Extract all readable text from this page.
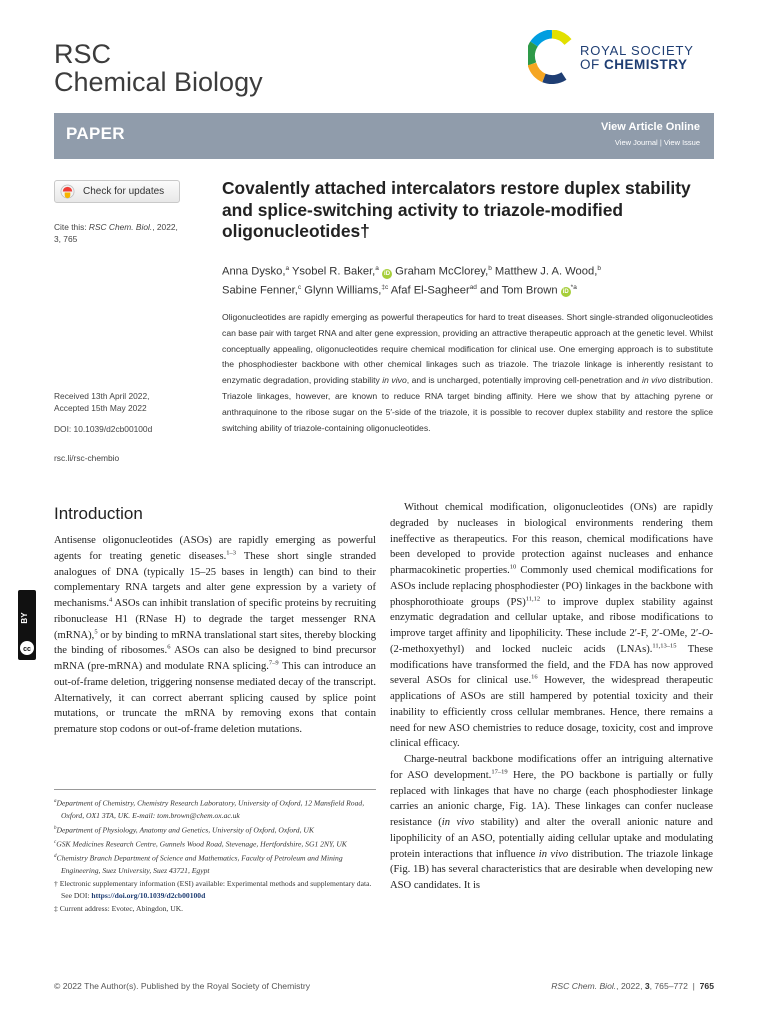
RSC
Chemical Biology
ROYAL SOCIETY
OF CHEMISTRY
PAPER	View Article Online
View Journal | View Issue
Check for updates
Cite this: RSC Chem. Biol., 2022,
3, 765
Received 13th April 2022,
Accepted 15th May 2022
DOI: 10.1039/d2cb00100d
rsc.li/rsc-chembio
Covalently attached intercalators restore duplex stability and splice-switching activity to triazole-modified oligonucleotides†
Anna Dysko,$^a$ Ysobel R. Baker,$^a$ iD Graham McClorey,$^b$ Matthew J. A. Wood,$^b$
Sabine Fenner,$^c$ Glynn Williams,$^{\ddagger c}$ Afaf El-Sagheer$^{ad}$ and Tom Brown $iD^{*a}$
Oligonucleotides are rapidly emerging as powerful therapeutics for hard to treat diseases. Short single-stranded oligonucleotides can base pair with target RNA and alter gene expression, providing an attractive therapeutic approach at the genetic level. Whilst conceptually appealing, oligonucleotides require chemical modification for clinical use. One emerging approach is to substitute the phosphodiester backbone with other chemical linkages such as triazole. The triazole linkage is inherently resistant to enzymatic degradation, providing stability in vivo, and is uncharged, potentially improving cell-penetration and in vivo distribution. Triazole linkages, however, are known to reduce RNA target binding affinity. Here we show that by attaching pyrene or anthraquinone to the ribose sugar on the 5′-side of the triazole, it is possible to recover duplex stability and restore the splice switching ability of triazole-containing oligonucleotides.
cc
BY
Introduction

Antisense oligonucleotides (ASOs) are rapidly emerging as powerful agents for treating genetic diseases.$^{1-3}$ These short single stranded analogues of DNA (typically 15–25 bases in length) can bind to their complementary RNA targets and alter gene expression by a variety of mechanisms.$^4$ ASOs can inhibit translation of specific proteins by recruiting ribonuclease H1 (RNase H) to degrade the target messenger RNA (mRNA),$^5$ or by binding to mRNA translational start sites, thereby blocking the binding of ribosomes.$^6$ ASOs can also be designed to bind precursor mRNA (pre-mRNA) and modulate RNA splicing.$^{7-9}$ This can introduce an out-of-frame deletion, triggering nonsense mediated decay of the transcript. Alternatively, it can correct aberrant splicing caused by splice point mutations, or truncate the mRNA by removing exons that contain premature stop codons or out-of-frame deletion mutations.

Without chemical modification, oligonucleotides (ONs) are rapidly degraded by nucleases in biological environments rendering them ineffective as therapeutics. For this reason, chemical modifications have been developed to provide protection against nucleases and enhance pharmacokinetic properties.$^{10}$ Commonly used chemical modifications for ASOs include replacing phosphodiester (PO) linkages in the backbone with phosphorothioate groups (PS)$^{11,12}$ to improve duplex stability against enzymatic degradation and cellular uptake, and ribose modifications to improve target affinity and lipophilicity. These include 2′-F, 2′-OMe, 2′-O-(2-methoxyethyl) and locked nucleic acids (LNAs).$^{11,13-15}$ These modifications have transformed the field, and the FDA has now approved several ASOs for clinical use.$^{16}$ However, the widespread therapeutic applications of ASOs are still hampered by potential toxicity and their inability to efficiently cross cellular membranes. Hence, there remains a need for new ASO chemistries to reduce dosage, toxicity, cost and improve clinical efficacy.

Charge-neutral backbone modifications offer an intriguing alternative for ASO development.$^{17-19}$ Here, the PO backbone is partially or fully replaced with linkages that have no charge (each phosphodiester linkage carries an anionic charge, Fig. 1A). These linkages can confer nuclease resistance (in vivo stability) and alter the overall anionic nature and lipophilicity of an ASO, potentially aiding cellular uptake and modulating protein interactions that influence in vivo distribution. The triazole linkage (Fig. 1B) has several characteristics that are desirable when developing new ASO candidates. It is

$^a$Department of Chemistry, Chemistry Research Laboratory, University of Oxford, 12 Mansfield Road, Oxford, OX1 3TA, UK. E-mail: tom.brown@chem.ox.ac.uk
$^b$Department of Physiology, Anatomy and Genetics, University of Oxford, Oxford, UK
$^c$GSK Medicines Research Centre, Gunnels Wood Road, Stevenage, Hertfordshire, SG1 2NY, UK
$^d$Chemistry Branch Department of Science and Mathematics, Faculty of Petroleum and Mining Engineering, Suez University, Suez 43721, Egypt
† Electronic supplementary information (ESI) available: Experimental methods and supplementary data. See DOI: https://doi.org/10.1039/d2cb00100d
‡ Current address: Evotec, Abingdon, UK.
© 2022 The Author(s). Published by the Royal Society of Chemistry	RSC Chem. Biol., 2022, 3, 765–772 | 765
